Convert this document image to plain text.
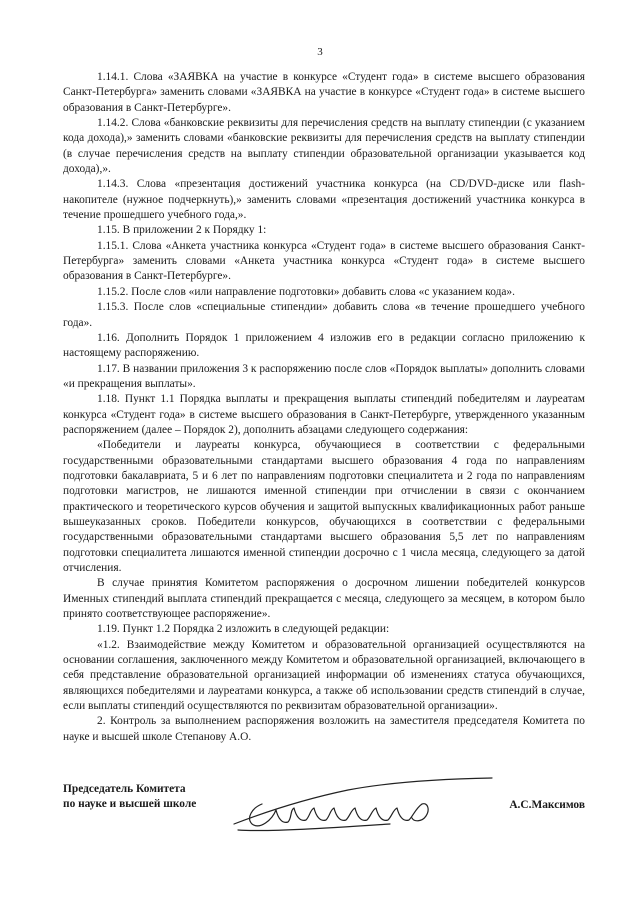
3

1.14.1. Слова «ЗАЯВКА на участие в конкурсе «Студент года» в системе высшего образования Санкт-Петербурга» заменить словами «ЗАЯВКА на участие в конкурсе «Студент года» в системе высшего образования в Санкт-Петербурге».

1.14.2. Слова «банковские реквизиты для перечисления средств на выплату стипендии (с указанием кода дохода),» заменить словами «банковские реквизиты для перечисления средств на выплату стипендии (в случае перечисления средств на выплату стипендии образовательной организации указывается код дохода),».

1.14.3. Слова «презентация достижений участника конкурса (на CD/DVD-диске или flash-накопителе (нужное подчеркнуть),» заменить словами «презентация достижений участника конкурса в течение прошедшего учебного года,».

1.15. В приложении 2 к Порядку 1:

1.15.1. Слова «Анкета участника конкурса «Студент года» в системе высшего образования Санкт-Петербурга» заменить словами «Анкета участника конкурса «Студент года» в системе высшего образования в Санкт-Петербурге».

1.15.2. После слов «или направление подготовки» добавить слова «с указанием кода».

1.15.3. После слов «специальные стипендии» добавить слова «в течение прошедшего учебного года».

1.16. Дополнить Порядок 1 приложением 4 изложив его в редакции согласно приложению к настоящему распоряжению.

1.17. В названии приложения 3 к распоряжению после слов «Порядок выплаты» дополнить словами «и прекращения выплаты».

1.18. Пункт 1.1 Порядка выплаты и прекращения выплаты стипендий победителям и лауреатам конкурса «Студент года» в системе высшего образования в Санкт-Петербурге, утвержденного указанным распоряжением (далее – Порядок 2), дополнить абзацами следующего содержания:

«Победители и лауреаты конкурса, обучающиеся в соответствии с федеральными государственными образовательными стандартами высшего образования 4 года по направлениям подготовки бакалавриата, 5 и 6 лет по направлениям подготовки специалитета и 2 года по направлениям подготовки магистров, не лишаются именной стипендии при отчислении в связи с окончанием практического и теоретического курсов обучения и защитой выпускных квалификационных работ раньше вышеуказанных сроков. Победители конкурсов, обучающихся в соответствии с федеральными государственными образовательными стандартами высшего образования 5,5 лет по направлениям подготовки специалитета лишаются именной стипендии досрочно с 1 числа месяца, следующего за датой отчисления.

В случае принятия Комитетом распоряжения о досрочном лишении победителей конкурсов Именных стипендий выплата стипендий прекращается с месяца, следующего за месяцем, в котором было принято соответствующее распоряжение».

1.19. Пункт 1.2 Порядка 2 изложить в следующей редакции:

«1.2. Взаимодействие между Комитетом и образовательной организацией осуществляются на основании соглашения, заключенного между Комитетом и образовательной организацией, включающего в себя представление образовательной организацией информации об изменениях статуса обучающихся, являющихся победителями и лауреатами конкурса, а также об использовании средств стипендий в случае, если выплаты стипендий осуществляются по реквизитам образовательной организации».

2. Контроль за выполнением распоряжения возложить на заместителя председателя Комитета по науке и высшей школе Степанову А.О.

Председатель Комитета
по науке и высшей школе	А.С.Максимов
